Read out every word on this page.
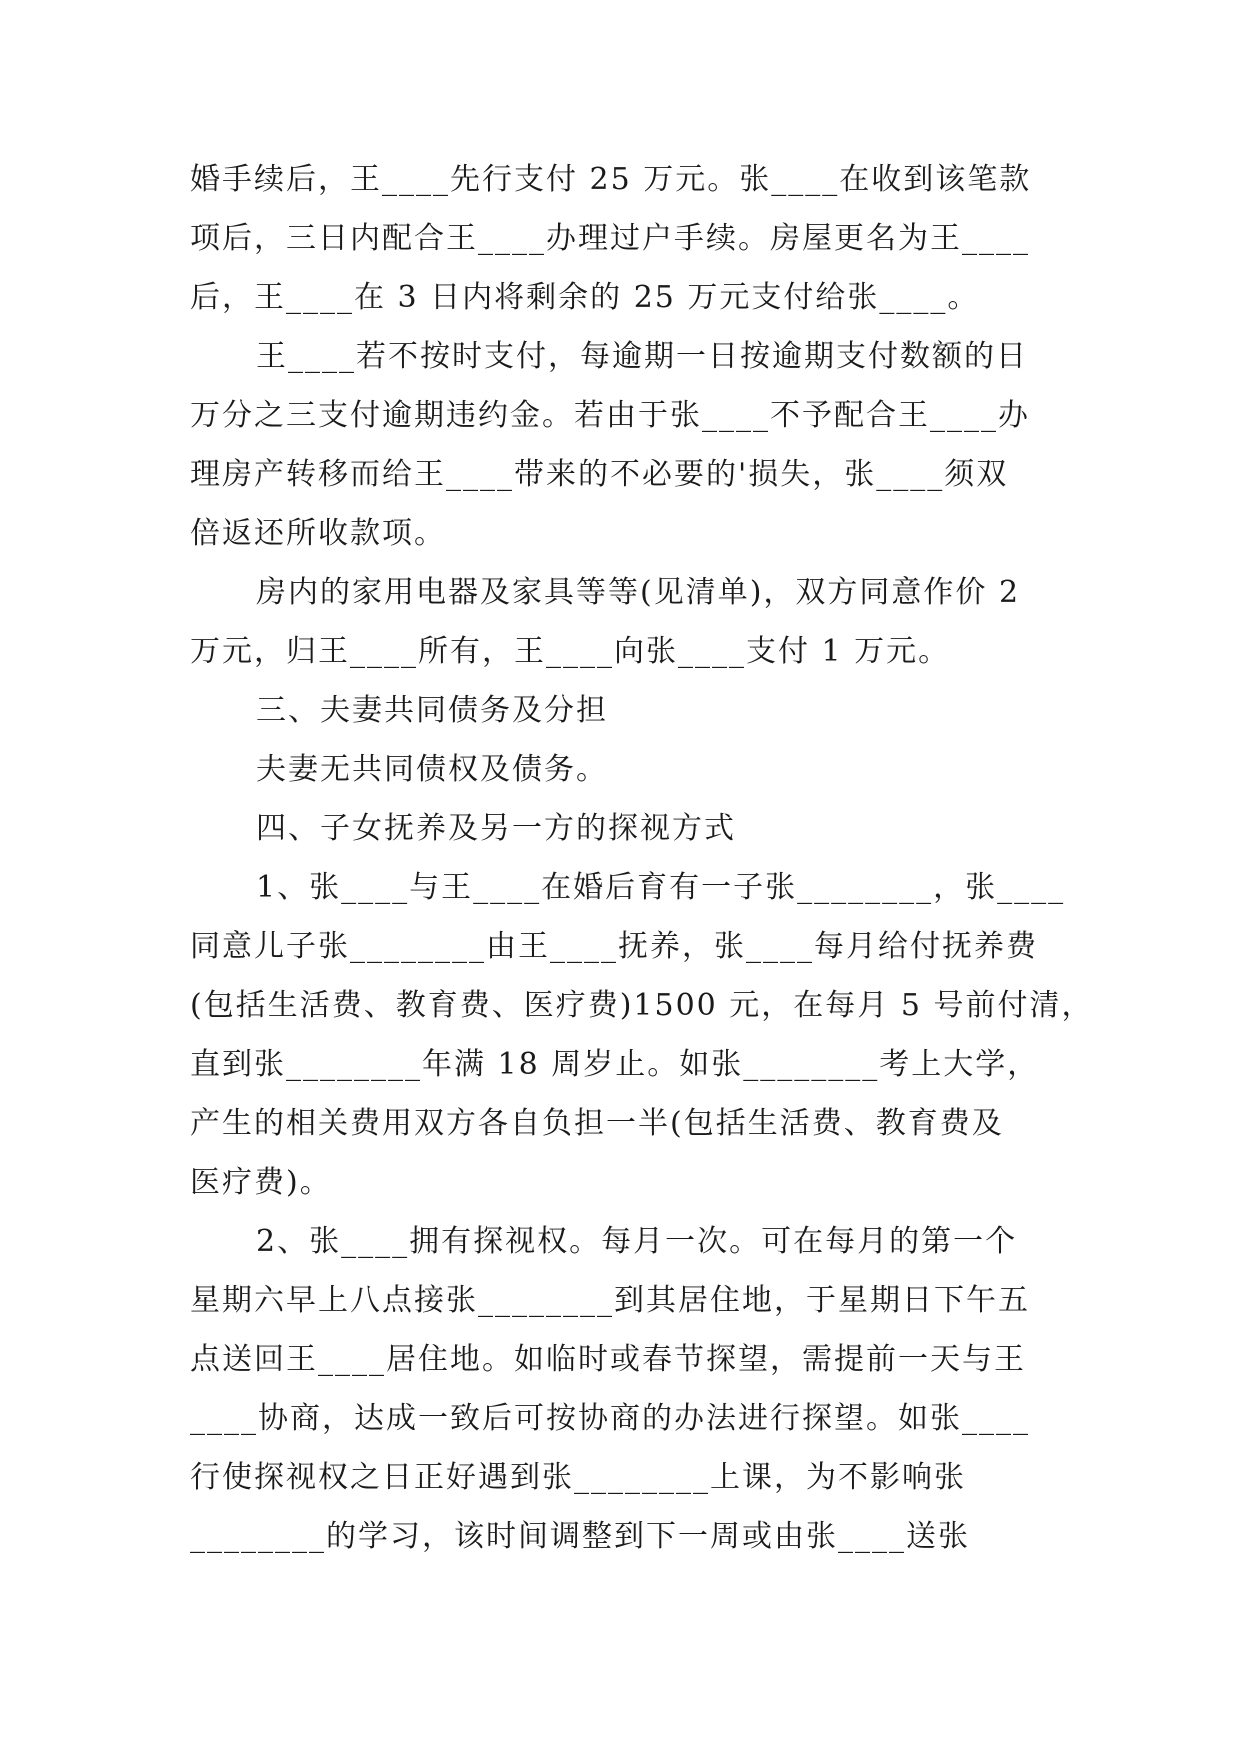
婚手续后，王____先行支付 25 万元。张____在收到该笔款
项后，三日内配合王____办理过户手续。房屋更名为王____
后，王____在 3 日内将剩余的 25 万元支付给张____。
王____若不按时支付，每逾期一日按逾期支付数额的日
万分之三支付逾期违约金。若由于张____不予配合王____办
理房产转移而给王____带来的不必要的'损失，张____须双
倍返还所收款项。
房内的家用电器及家具等等(见清单)，双方同意作价 2
万元，归王____所有，王____向张____支付 1 万元。
三、夫妻共同债务及分担
夫妻无共同债权及债务。
四、子女抚养及另一方的探视方式
1、张____与王____在婚后育有一子张________，张____
同意儿子张________由王____抚养，张____每月给付抚养费
(包括生活费、教育费、医疗费)1500 元，在每月 5 号前付清，
直到张________年满 18 周岁止。如张________考上大学，
产生的相关费用双方各自负担一半(包括生活费、教育费及
医疗费)。
2、张____拥有探视权。每月一次。可在每月的第一个
星期六早上八点接张________到其居住地，于星期日下午五
点送回王____居住地。如临时或春节探望，需提前一天与王
____协商，达成一致后可按协商的办法进行探望。如张____
行使探视权之日正好遇到张________上课，为不影响张
________的学习，该时间调整到下一周或由张____送张
